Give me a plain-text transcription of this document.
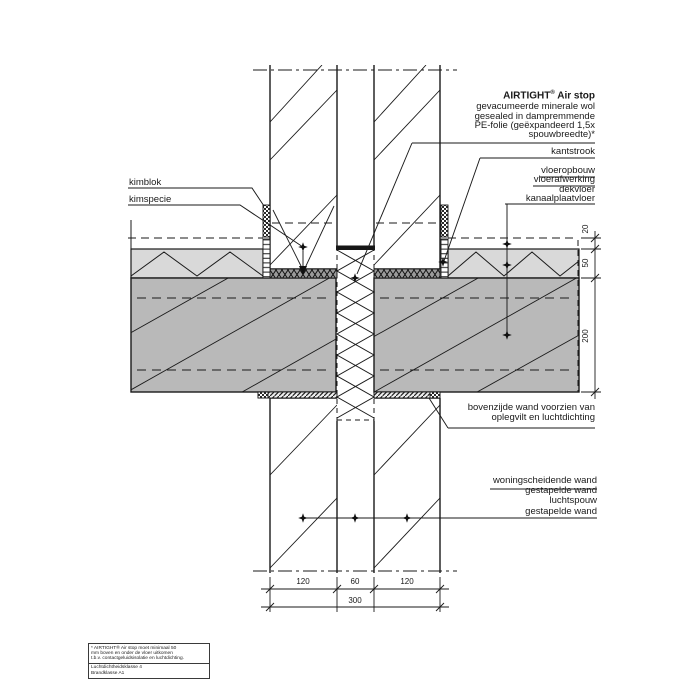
AIRTIGHT® Air stop
gevacumeerde minerale wol
gesealed in dampremmende
PE-folie (geëxpandeerd 1,5x
spouwbreedte)*
kantstrook
vloeropbouw
vloerafwerking
dekvloer
kanaalplaatvloer
kimblok
kimspecie
bovenzijde wand voorzien van
oplegvilt en luchtdichting
woningscheidende wand
gestapelde wand
luchtspouw
gestapelde wand
120	60	120
300
20
50
200
* AIRTIGHT® Air stop moet minimaal 50
mm boven en onder de vloer uitkomen
t.b.v. contactgeluidsisolatie en luchtdichting.
Luchtdichtheidsklasse 4
Brandklasse A1
